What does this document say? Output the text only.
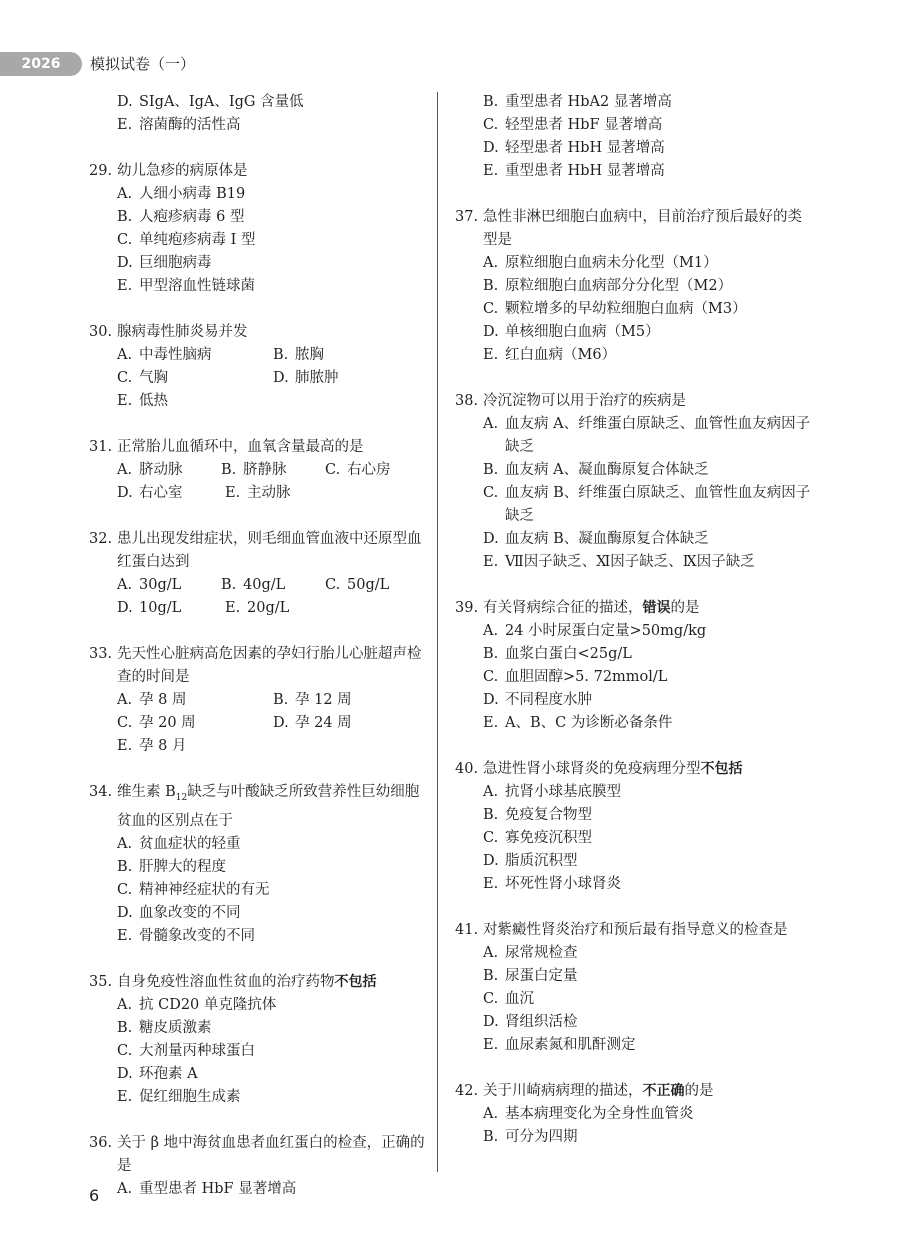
2026	模拟试卷（一）
D. SIgA、IgA、IgG 含量低
E. 溶菌酶的活性高
29. 幼儿急疹的病原体是
A. 人细小病毒 B19
B. 人疱疹病毒 6 型
C. 单纯疱疹病毒 I 型
D. 巨细胞病毒
E. 甲型溶血性链球菌
30. 腺病毒性肺炎易并发
A. 中毒性脑病	B. 脓胸
C. 气胸	D. 肺脓肿
E. 低热
31. 正常胎儿血循环中，血氧含量最高的是
A. 脐动脉	B. 脐静脉	C. 右心房
D. 右心室	E. 主动脉
32. 患儿出现发绀症状，则毛细血管血液中还原型血红蛋白达到
A. 30g/L	B. 40g/L	C. 50g/L
D. 10g/L	E. 20g/L
33. 先天性心脏病高危因素的孕妇行胎儿心脏超声检查的时间是
A. 孕 8 周	B. 孕 12 周
C. 孕 20 周	D. 孕 24 周
E. 孕 8 月
34. 维生素 $B_{12}$缺乏与叶酸缺乏所致营养性巨幼细胞贫血的区别点在于
A. 贫血症状的轻重
B. 肝脾大的程度
C. 精神神经症状的有无
D. 血象改变的不同
E. 骨髓象改变的不同
35. 自身免疫性溶血性贫血的治疗药物不包括
A. 抗 CD20 单克隆抗体
B. 糖皮质激素
C. 大剂量丙种球蛋白
D. 环孢素 A
E. 促红细胞生成素
36. 关于 β 地中海贫血患者血红蛋白的检查，正确的是
A. 重型患者 HbF 显著增高
B. 重型患者 HbA2 显著增高
C. 轻型患者 HbF 显著增高
D. 轻型患者 HbH 显著增高
E. 重型患者 HbH 显著增高
37. 急性非淋巴细胞白血病中，目前治疗预后最好的类型是
A. 原粒细胞白血病未分化型（M1）
B. 原粒细胞白血病部分分化型（M2）
C. 颗粒增多的早幼粒细胞白血病（M3）
D. 单核细胞白血病（M5）
E. 红白血病（M6）
38. 冷沉淀物可以用于治疗的疾病是
A. 血友病 A、纤维蛋白原缺乏、血管性血友病因子缺乏
B. 血友病 A、凝血酶原复合体缺乏
C. 血友病 B、纤维蛋白原缺乏、血管性血友病因子缺乏
D. 血友病 B、凝血酶原复合体缺乏
E. Ⅶ因子缺乏、Ⅺ因子缺乏、Ⅸ因子缺乏
39. 有关肾病综合征的描述，错误的是
A. 24 小时尿蛋白定量>50mg/kg
B. 血浆白蛋白<25g/L
C. 血胆固醇>5. 72mmol/L
D. 不同程度水肿
E. A、B、C 为诊断必备条件
40. 急进性肾小球肾炎的免疫病理分型不包括
A. 抗肾小球基底膜型
B. 免疫复合物型
C. 寡免疫沉积型
D. 脂质沉积型
E. 坏死性肾小球肾炎
41. 对紫癜性肾炎治疗和预后最有指导意义的检查是
A. 尿常规检查
B. 尿蛋白定量
C. 血沉
D. 肾组织活检
E. 血尿素氮和肌酐测定
42. 关于川崎病病理的描述，不正确的是
A. 基本病理变化为全身性血管炎
B. 可分为四期
6
